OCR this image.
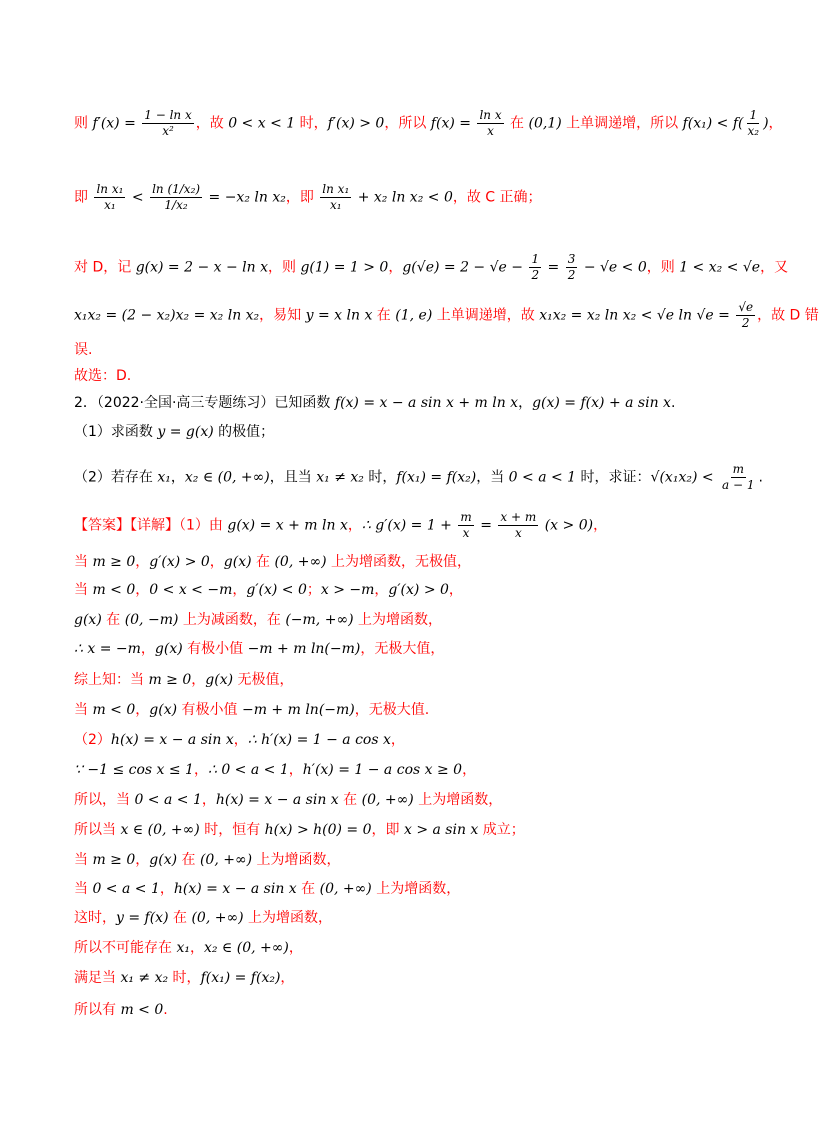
则 $f'(x) = \frac{\text{1 − ln x}}{\text{x²}}$ ，故 0 < x < 1 时，f′(x) > 0，所以 $f(x) = \frac{\text{ln x}}{x}$ 在 (0,1) 上单调递增，所以 $f(x_1) < f( \frac{1}{\text{x₂}}$ )，
即 $\frac{\text{ln x₁}}{\text{x₁}} < \frac{\text{ln (1/x₂)}}{\text{1/x₂}} = -x_2$ ln x₂，即 $\frac{\text{ln x₁}}{\text{x₁}} + x_2$ ln x₂ < 0，故 C 正确；
对 D，记 g(x) = 2 − x − ln x，则 g(1) = 1 > 0，$g(√e) = 2 - √e - \frac{1}{2} = \frac{3}{2} - √e < 0$，则 1 < x₂ < √e，又
x₁x₂ = (2 − x₂)x₂ = x₂ ln x₂，易知 y = x ln x 在 (1, e) 上单调递增，故 x₁x₂ = x₂ ln x₂ < √e $\ln √e = \frac{√e}{2}$ ，故 D 错
误.
故选：D.
2．（2022·全国·高三专题练习）已知函数 f(x) = x − a sin x + m ln x，g(x) = f(x) + a sin x.
（1）求函数 y = g(x) 的极值；
（2）若存在 x₁，x₂ ∈ (0, +∞)，且当 x₁ ≠ x₂ 时，f(x₁) = f(x₂)，当 0 < a < 1 时，求证：$√(x_1x_2) < \frac{m}{a - 1}$ .
【答案】【详解】（1）由 g(x) = x + m ln x，∴ $g'(x) = 1 + \frac{m}{x} = \frac{x + m}{x} (x > 0)$，
当 m ≥ 0，g′(x) > 0，g(x) 在 (0, +∞) 上为增函数，无极值，
当 m < 0，0 < x < −m，g′(x) < 0；x > −m，g′(x) > 0，
g(x) 在 (0, −m) 上为减函数，在 (−m, +∞) 上为增函数，
∴ x = −m，g(x) 有极小值 −m + m ln(−m)，无极大值，
综上知：当 m ≥ 0，g(x) 无极值，
当 m < 0，g(x) 有极小值 −m + m ln(−m)，无极大值.
（2）h(x) = x − a sin x，∴ h′(x) = 1 − a cos x，
∵ −1 ≤ cos x ≤ 1，∴ 0 < a < 1，h′(x) = 1 − a cos x ≥ 0，
所以，当 0 < a < 1，h(x) = x − a sin x 在 (0, +∞) 上为增函数，
所以当 x ∈ (0, +∞) 时，恒有 h(x) > h(0) = 0，即 x > a sin x 成立；
当 m ≥ 0，g(x) 在 (0, +∞) 上为增函数，
当 0 < a < 1，h(x) = x − a sin x 在 (0, +∞) 上为增函数，
这时，y = f(x) 在 (0, +∞) 上为增函数，
所以不可能存在 x₁，x₂ ∈ (0, +∞)，
满足当 x₁ ≠ x₂ 时，f(x₁) = f(x₂)，
所以有 m < 0.
